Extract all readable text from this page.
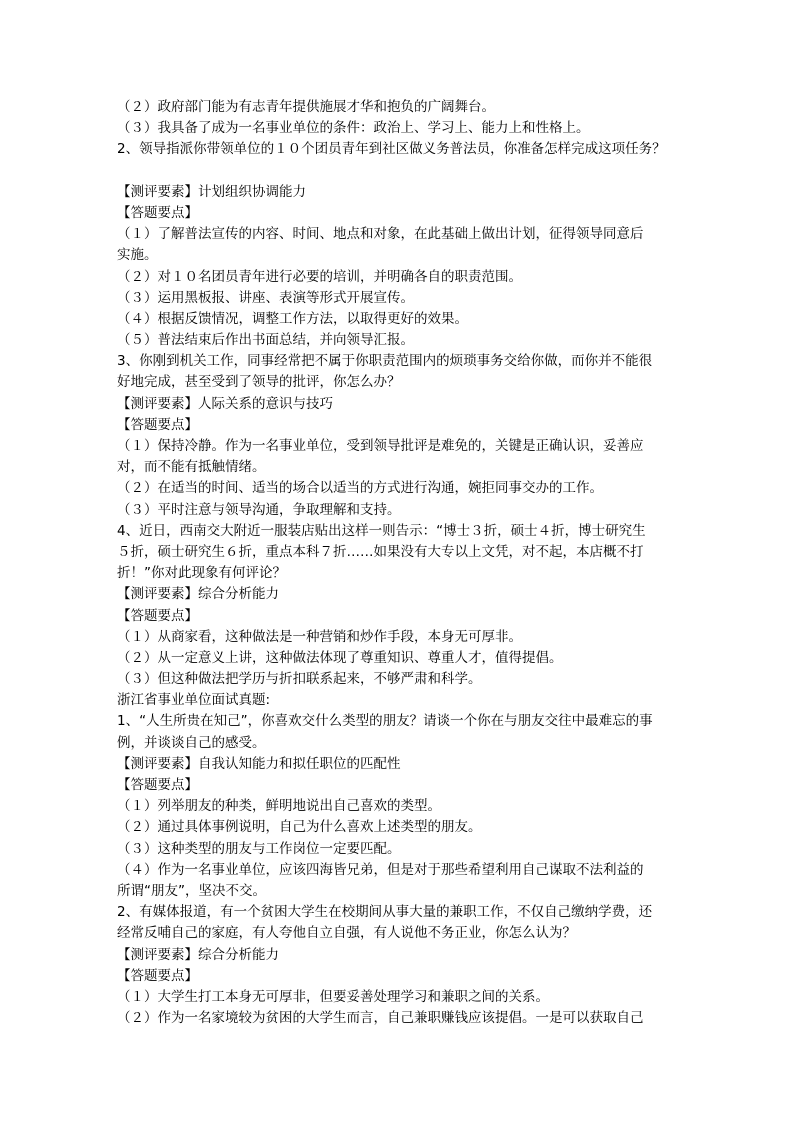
（２）政府部门能为有志青年提供施展才华和抱负的广阔舞台。
（３）我具备了成为一名事业单位的条件：政治上、学习上、能力上和性格上。
2、领导指派你带领单位的１０个团员青年到社区做义务普法员，你准备怎样完成这项任务？
【测评要素】计划组织协调能力
【答题要点】
（１）了解普法宣传的内容、时间、地点和对象，在此基础上做出计划，征得领导同意后
实施。
（２）对１０名团员青年进行必要的培训，并明确各自的职责范围。
（３）运用黑板报、讲座、表演等形式开展宣传。
（４）根据反馈情况，调整工作方法，以取得更好的效果。
（５）普法结束后作出书面总结，并向领导汇报。
3、你刚到机关工作，同事经常把不属于你职责范围内的烦琐事务交给你做，而你并不能很
好地完成，甚至受到了领导的批评，你怎么办？
【测评要素】人际关系的意识与技巧
【答题要点】
（１）保持冷静。作为一名事业单位，受到领导批评是难免的，关键是正确认识，妥善应
对，而不能有抵触情绪。
（２）在适当的时间、适当的场合以适当的方式进行沟通，婉拒同事交办的工作。
（３）平时注意与领导沟通，争取理解和支持。
4、近日，西南交大附近一服装店贴出这样一则告示：“博士３折，硕士４折，博士研究生
５折，硕士研究生６折，重点本科７折……如果没有大专以上文凭，对不起，本店概不打
折！”你对此现象有何评论？
【测评要素】综合分析能力
【答题要点】
（１）从商家看，这种做法是一种营销和炒作手段，本身无可厚非。
（２）从一定意义上讲，这种做法体现了尊重知识、尊重人才，值得提倡。
（３）但这种做法把学历与折扣联系起来，不够严肃和科学。
浙江省事业单位面试真题:
1、“人生所贵在知己”，你喜欢交什么类型的朋友？请谈一个你在与朋友交往中最难忘的事
例，并谈谈自己的感受。
【测评要素】自我认知能力和拟任职位的匹配性
【答题要点】
（１）列举朋友的种类，鲜明地说出自己喜欢的类型。
（２）通过具体事例说明，自己为什么喜欢上述类型的朋友。
（３）这种类型的朋友与工作岗位一定要匹配。
（４）作为一名事业单位，应该四海皆兄弟，但是对于那些希望利用自己谋取不法利益的
所谓“朋友”，坚决不交。
2、有媒体报道，有一个贫困大学生在校期间从事大量的兼职工作，不仅自己缴纳学费，还
经常反哺自己的家庭，有人夸他自立自强，有人说他不务正业，你怎么认为？
【测评要素】综合分析能力
【答题要点】
（１）大学生打工本身无可厚非，但要妥善处理学习和兼职之间的关系。
（２）作为一名家境较为贫困的大学生而言，自己兼职赚钱应该提倡。一是可以获取自己
